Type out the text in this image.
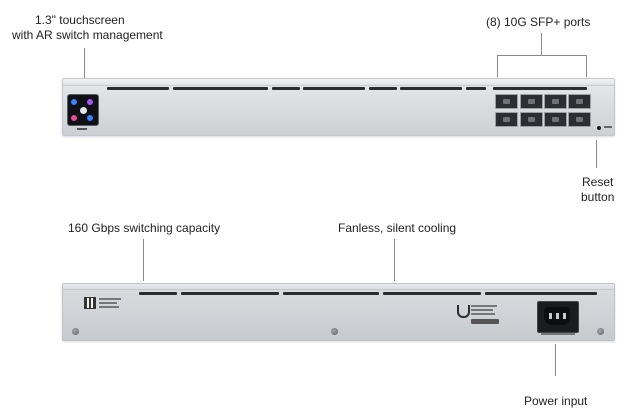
1.3" touchscreen
with AR switch management
(8) 10G SFP+ ports
Reset
button
160 Gbps switching capacity	Fanless, silent cooling
Power input
